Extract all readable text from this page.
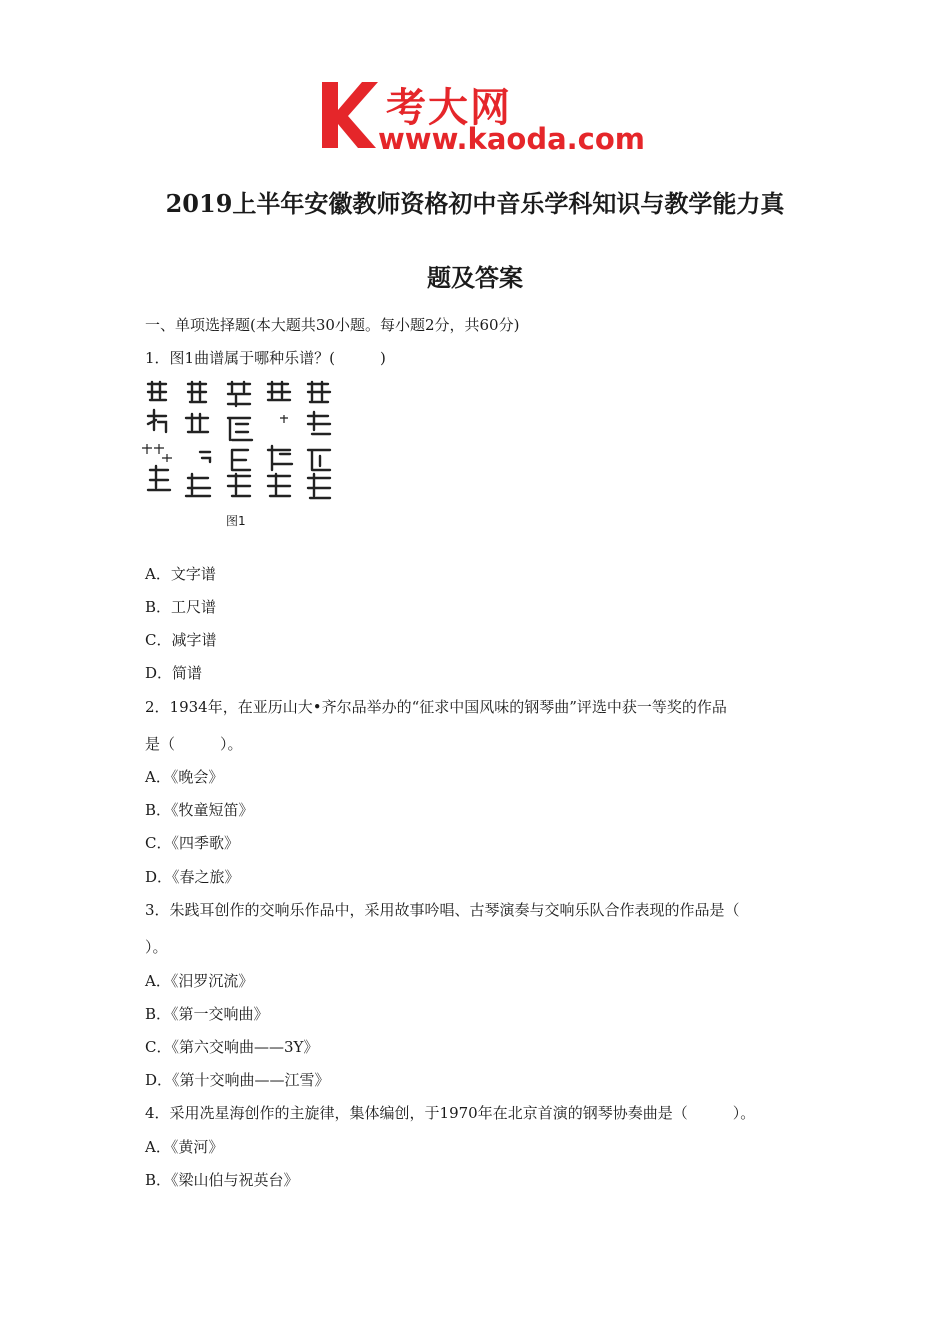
考大网
www.kaoda.com
2019上半年安徽教师资格初中音乐学科知识与教学能力真
题及答案
一、单项选择题(本大题共30小题。每小题2分，共60分)
1．图1曲谱属于哪种乐谱？(　　　)
图1
A．文字谱
B．工尺谱
C．减字谱
D．简谱
2．1934年，在亚历山大•齐尔品举办的“征求中国风味的钢琴曲”评选中获一等奖的作品
是（　　　）。
A．《晚会》
B．《牧童短笛》
C．《四季歌》
D．《春之旅》
3．朱践耳创作的交响乐作品中，采用故事吟唱、古琴演奏与交响乐队合作表现的作品是（
）。
A．《汨罗沉流》
B．《第一交响曲》
C．《第六交响曲——3Y》
D．《第十交响曲——江雪》
4．采用冼星海创作的主旋律，集体编创，于1970年在北京首演的钢琴协奏曲是（　　　）。
A．《黄河》
B．《梁山伯与祝英台》
